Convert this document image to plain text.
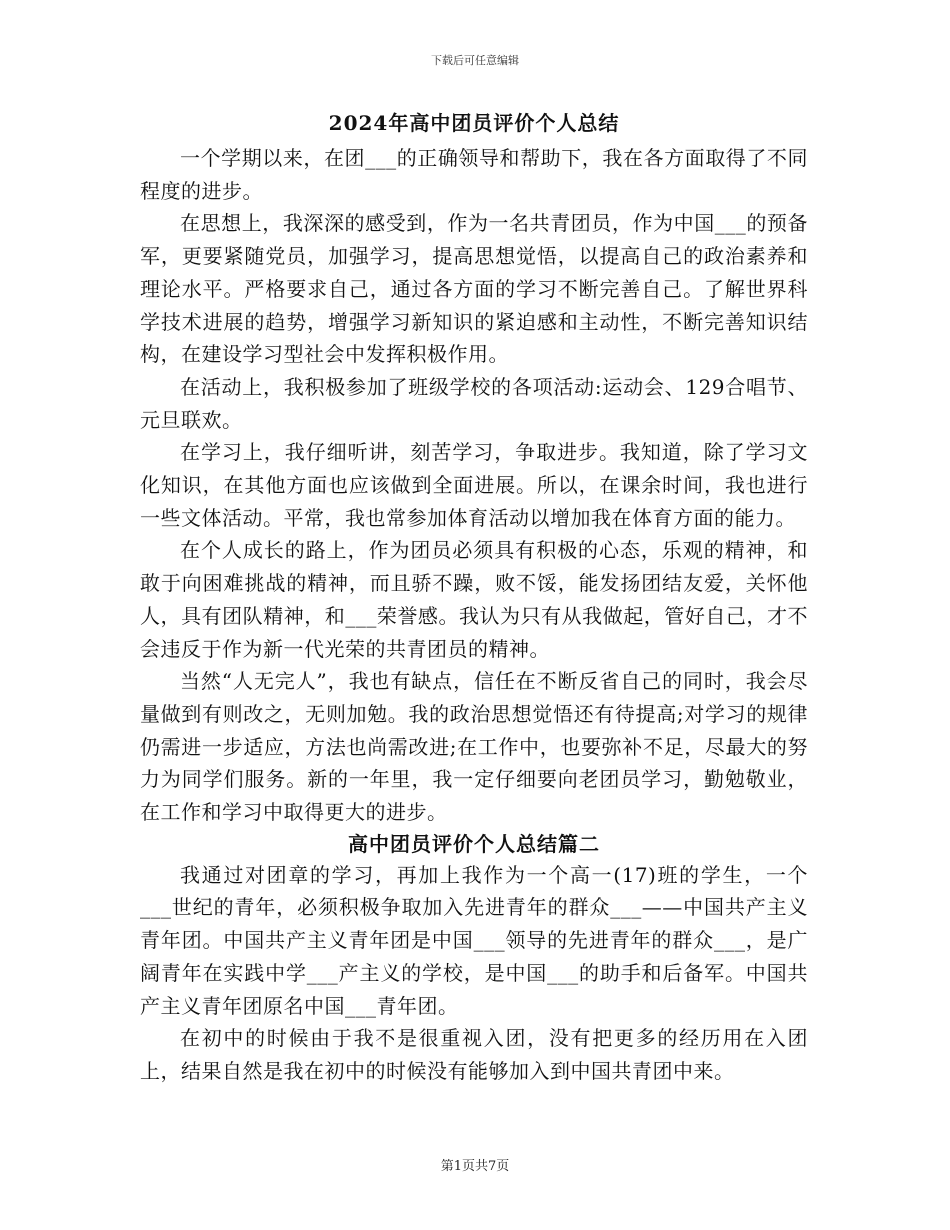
下载后可任意编辑
2024年高中团员评价个人总结

一个学期以来，在团___的正确领导和帮助下，我在各方面取得了不同程度的进步。

在思想上，我深深的感受到，作为一名共青团员，作为中国___的预备军，更要紧随党员，加强学习，提高思想觉悟，以提高自己的政治素养和理论水平。严格要求自己，通过各方面的学习不断完善自己。了解世界科学技术进展的趋势，增强学习新知识的紧迫感和主动性，不断完善知识结构，在建设学习型社会中发挥积极作用。

在活动上，我积极参加了班级学校的各项活动:运动会、129合唱节、元旦联欢。

在学习上，我仔细听讲，刻苦学习，争取进步。我知道，除了学习文化知识，在其他方面也应该做到全面进展。所以，在课余时间，我也进行一些文体活动。平常，我也常参加体育活动以增加我在体育方面的能力。

在个人成长的路上，作为团员必须具有积极的心态，乐观的精神，和敢于向困难挑战的精神，而且骄不躁，败不馁，能发扬团结友爱，关怀他人，具有团队精神，和___荣誉感。我认为只有从我做起，管好自己，才不会违反于作为新一代光荣的共青团员的精神。

当然“人无完人”，我也有缺点，信任在不断反省自己的同时，我会尽量做到有则改之，无则加勉。我的政治思想觉悟还有待提高;对学习的规律仍需进一步适应，方法也尚需改进;在工作中，也要弥补不足，尽最大的努力为同学们服务。新的一年里，我一定仔细要向老团员学习，勤勉敬业，在工作和学习中取得更大的进步。

高中团员评价个人总结篇二

我通过对团章的学习，再加上我作为一个高一(17)班的学生，一个___世纪的青年，必须积极争取加入先进青年的群众___——中国共产主义青年团。中国共产主义青年团是中国___领导的先进青年的群众___，是广阔青年在实践中学___产主义的学校，是中国___的助手和后备军。中国共产主义青年团原名中国___青年团。

在初中的时候由于我不是很重视入团，没有把更多的经历用在入团上，结果自然是我在初中的时候没有能够加入到中国共青团中来。

第1页共7页
